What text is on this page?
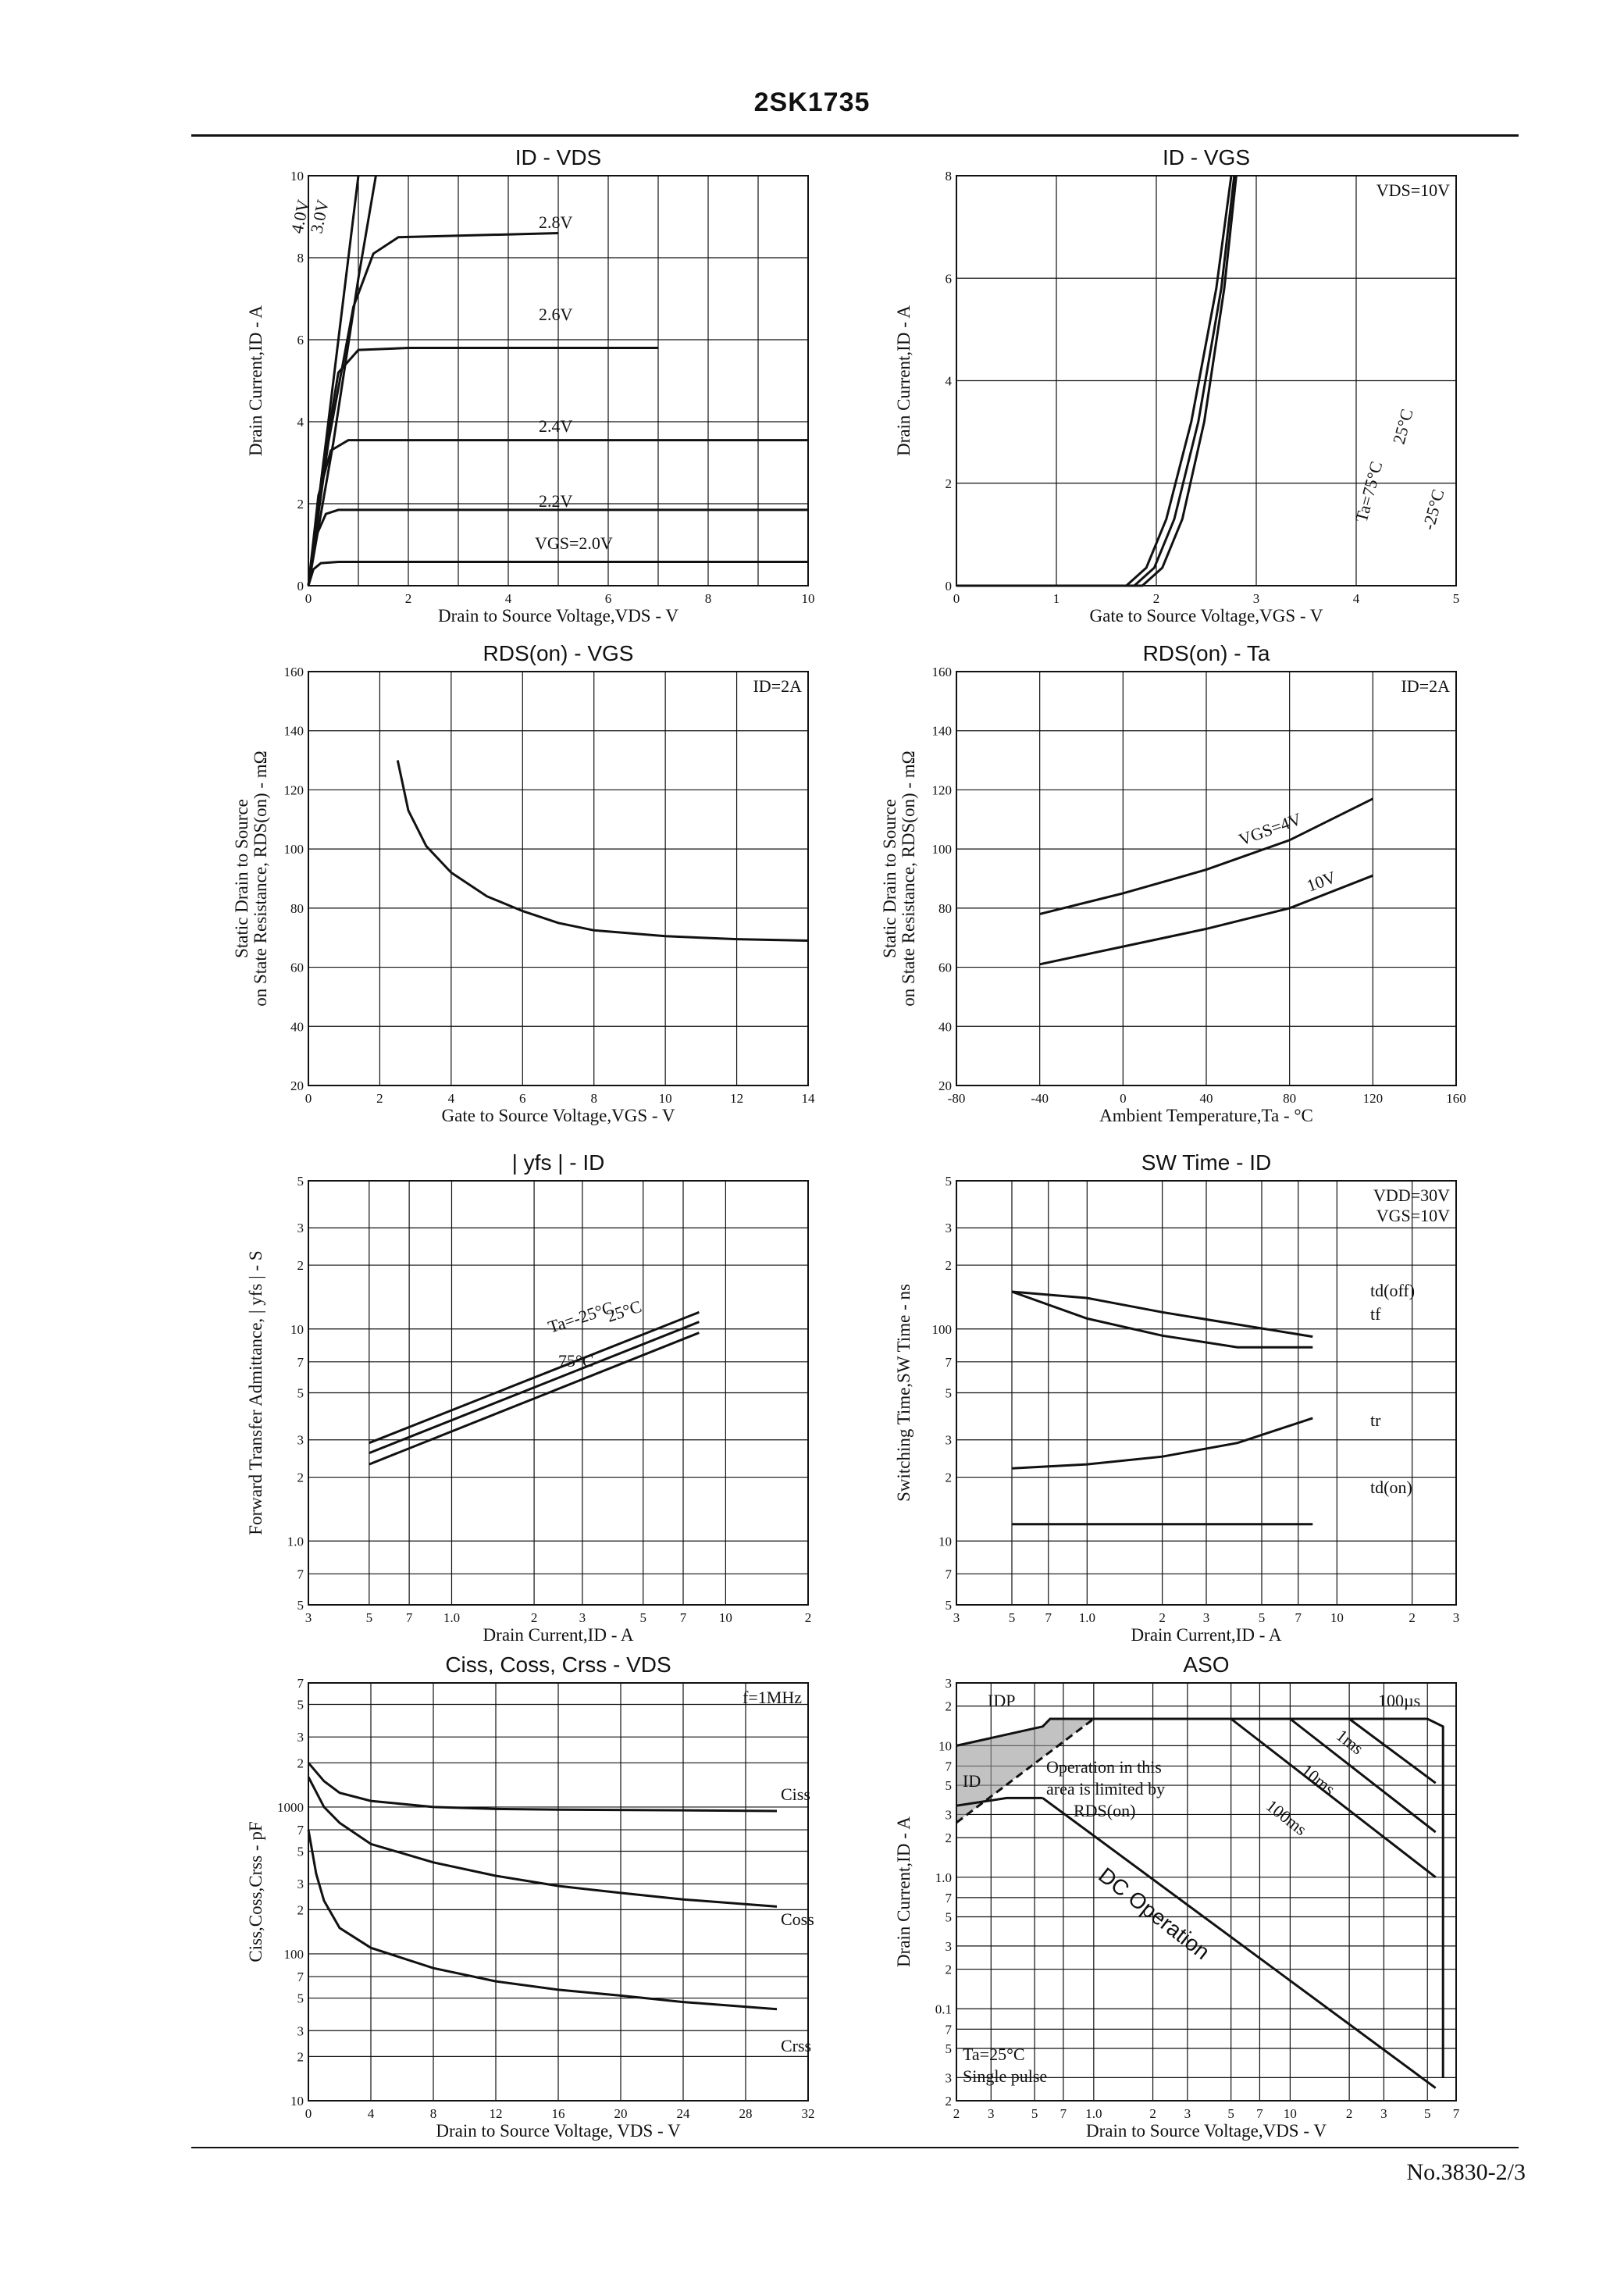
2SK1735
ID - VDS
0	2	4	6	8	10
0
2
4
6
8
10
Drain to Source Voltage,VDS - V
Drain Current,ID - A
4.0V
3.0V	2.8V
2.6V
2.4V
2.2V
VGS=2.0V
ID - VGS
0	1	2	3	4	5
0
2
4
6
8
Gate to Source Voltage,VGS - V
Drain Current,ID - A
Ta=75°C
25°C
-25°C
VDS=10V
RDS(on) - VGS
0	2	4	6	8	10	12	14
20
40
60
80
100
120
140
160
Gate to Source Voltage,VGS - V
Static Drain to Source on State Resistance, RDS(on) - mΩ
ID=2A
RDS(on) - Ta
-80	-40	0	40	80	120	160
20
40
60
80
100
120
140
160
Ambient Temperature,Ta - °C
Static Drain to Source on State Resistance, RDS(on) - mΩ	VGS=4V
10V
ID=2A
| yfs | - ID
3	5	7 1.0	2	3	5	7 10	2
5
7
1.0
2
3
5
7
10
2
3
5
Drain Current,ID - A
Forward Transfer Admittance, | yfs | - S	Ta=-25°C
25°C
75°C
SW Time - ID
3	5 7 1.0	2	3	5 7 10	2	3
5
7
10
2
3
5
7
100
2
3
5
Drain Current,ID - A
Switching Time,SW Time - ns	td(off)
tf
tr
td(on)
VDD=30V
VGS=10V
Ciss, Coss, Crss - VDS
0	4	8	12	16	20	24	28	32
10
2
3
5
7
100
2
3
5
7
1000
2
3
5
7
Drain to Source Voltage, VDS - V
Ciss,Coss,Crss - pF
Ciss
Coss
Crss
f=1MHz
ASO
2 3	5 7 1.0	2 3	5 7 10	2 3	5 7
2
3
5
7
0.1
2
3
5
7
1.0
2
3
5
7
10
2
3
Drain to Source Voltage,VDS - V
Drain Current,ID - A
IDP
ID
100µs
1ms
10ms
100ms
DC Operation
Operation in this
area is limited by
RDS(on)
Ta=25°C
Single pulse
No.3830-2/3
